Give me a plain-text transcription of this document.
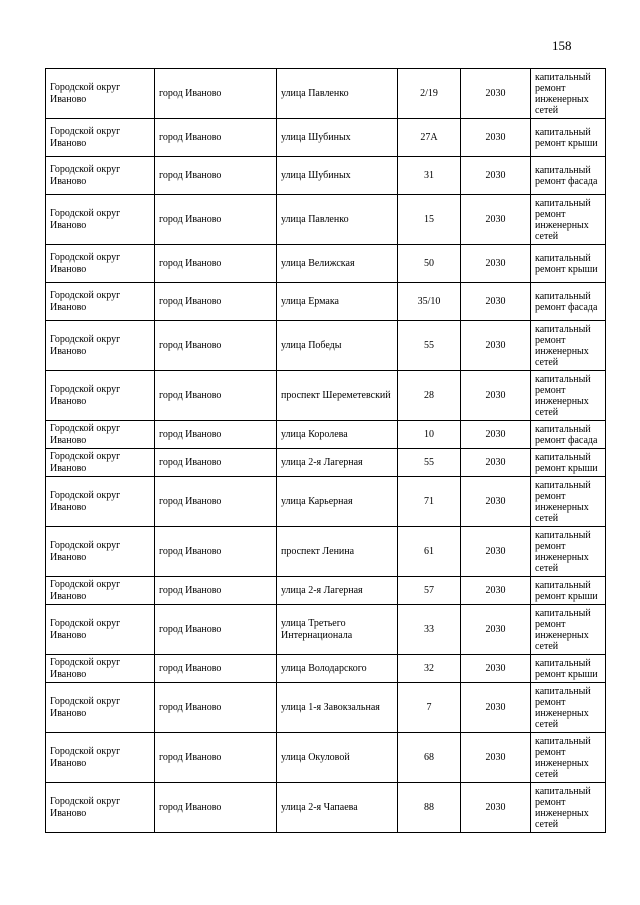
158
Городской округ Иваново	город Иваново	улица Павленко	2/19	2030	капитальный ремонт инженерных сетей
Городской округ Иваново	город Иваново	улица Шубиных	27А	2030	капитальный ремонт крыши
Городской округ Иваново	город Иваново	улица Шубиных	31	2030	капитальный ремонт фасада
Городской округ Иваново	город Иваново	улица Павленко	15	2030	капитальный ремонт инженерных сетей
Городской округ Иваново	город Иваново	улица Велижская	50	2030	капитальный ремонт крыши
Городской округ Иваново	город Иваново	улица Ермака	35/10	2030	капитальный ремонт фасада
Городской округ Иваново	город Иваново	улица Победы	55	2030	капитальный ремонт инженерных сетей
Городской округ Иваново	город Иваново	проспект Шереметевский	28	2030	капитальный ремонт инженерных сетей
Городской округ Иваново	город Иваново	улица Королева	10	2030	капитальный ремонт фасада
Городской округ Иваново	город Иваново	улица 2-я Лагерная	55	2030	капитальный ремонт крыши
Городской округ Иваново	город Иваново	улица Карьерная	71	2030	капитальный ремонт инженерных сетей
Городской округ Иваново	город Иваново	проспект Ленина	61	2030	капитальный ремонт инженерных сетей
Городской округ Иваново	город Иваново	улица 2-я Лагерная	57	2030	капитальный ремонт крыши
Городской округ Иваново	город Иваново	улица Третьего Интернационала	33	2030	капитальный ремонт инженерных сетей
Городской округ Иваново	город Иваново	улица Володарского	32	2030	капитальный ремонт крыши
Городской округ Иваново	город Иваново	улица 1-я Завокзальная	7	2030	капитальный ремонт инженерных сетей
Городской округ Иваново	город Иваново	улица Окуловой	68	2030	капитальный ремонт инженерных сетей
Городской округ Иваново	город Иваново	улица 2-я Чапаева	88	2030	капитальный ремонт инженерных сетей
